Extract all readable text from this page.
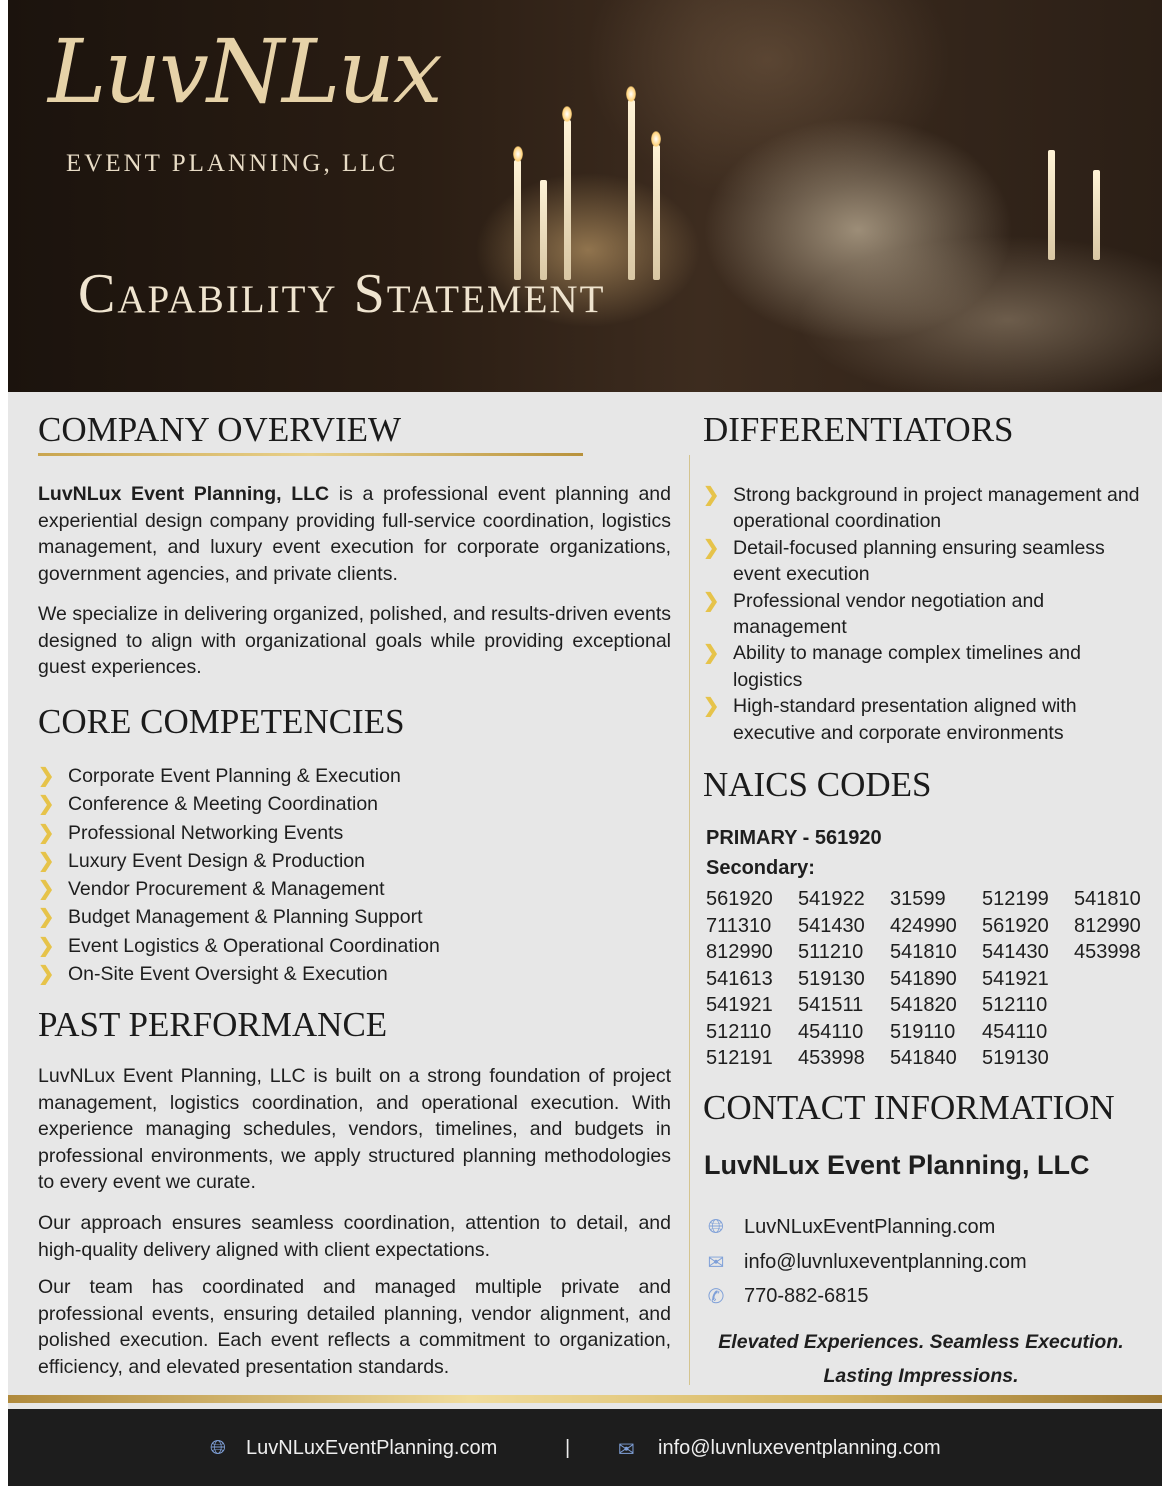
LuvNLux
EVENT PLANNING, LLC
Capability Statement
COMPANY OVERVIEW
LuvNLux Event Planning, LLC is a professional event planning and experiential design company providing full-service coordination, logistics management, and luxury event execution for corporate organizations, government agencies, and private clients.
We specialize in delivering organized, polished, and results-driven events designed to align with organizational goals while providing exceptional guest experiences.
CORE COMPETENCIES
❯ Corporate Event Planning & Execution
❯ Conference & Meeting Coordination
❯ Professional Networking Events
❯ Luxury Event Design & Production
❯ Vendor Procurement & Management
❯ Budget Management & Planning Support
❯ Event Logistics & Operational Coordination
❯ On-Site Event Oversight & Execution
PAST PERFORMANCE
LuvNLux Event Planning, LLC is built on a strong foundation of project management, logistics coordination, and operational execution. With experience managing schedules, vendors, timelines, and budgets in professional environments, we apply structured planning methodologies to every event we curate.
Our approach ensures seamless coordination, attention to detail, and high-quality delivery aligned with client expectations.
Our team has coordinated and managed multiple private and professional events, ensuring detailed planning, vendor alignment, and polished execution. Each event reflects a commitment to organization, efficiency, and elevated presentation standards.
DIFFERENTIATORS
❯ Strong background in project management and operational coordination
❯ Detail-focused planning ensuring seamless event execution
❯ Professional vendor negotiation and management
❯ Ability to manage complex timelines and logistics
❯ High-standard presentation aligned with executive and corporate environments
NAICS CODES
PRIMARY - 561920
Secondary:
561920	541922	31599	512199	541810
711310	541430	424990	561920	812990
812990	511210	541810	541430	453998
541613	519130	541890	541921
541921	541511	541820	512110
512110	454110	519110	454110
512191	453998	541840	519130
CONTACT INFORMATION
LuvNLux Event Planning, LLC
🌐︎ LuvNLuxEventPlanning.com
✉ info@luvnluxeventplanning.com
✆ 770-882-6815
Elevated Experiences. Seamless Execution.
Lasting Impressions.
🌐︎ LuvNLuxEventPlanning.com	| ✉ info@luvnluxeventplanning.com
